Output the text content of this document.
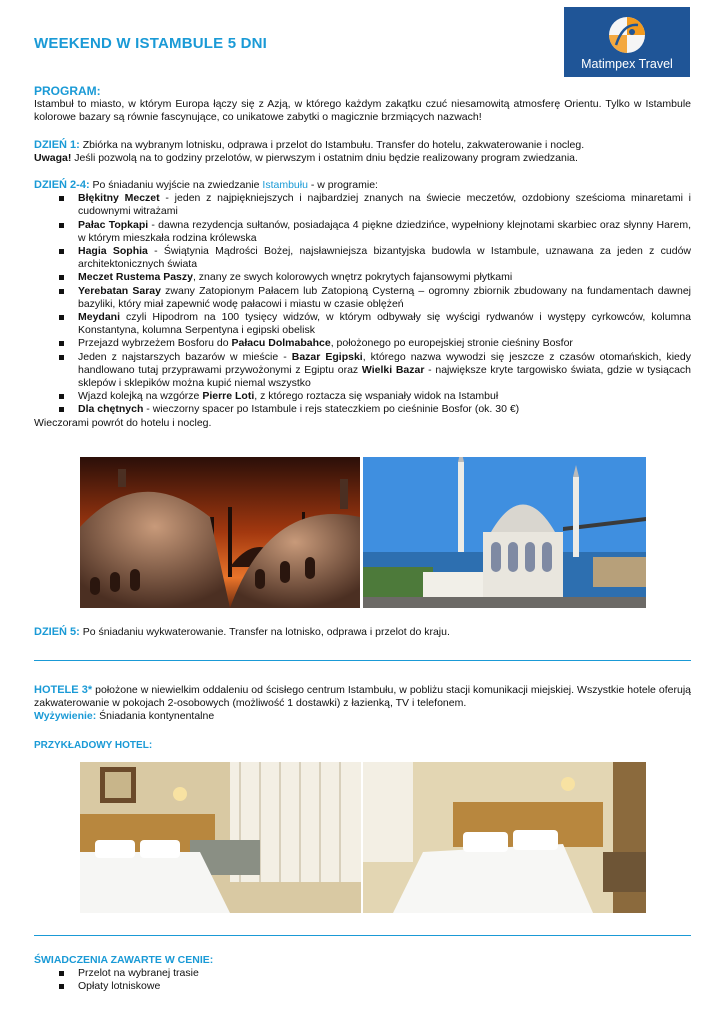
WEEKEND W ISTAMBULE 5 DNI
Matimpex Travel
PROGRAM:

Istambuł to miasto, w którym Europa łączy się z Azją, w którego każdym zakątku czuć niesamowitą atmosferę Orientu. Tylko w Istambule kolorowe bazary są równie fascynujące, co unikatowe zabytki o magicznie brzmiących nazwach!

DZIEŃ 1: Zbiórka na wybranym lotnisku, odprawa i przelot do Istambułu. Transfer do hotelu, zakwaterowanie i nocleg.

Uwaga! Jeśli pozwolą na to godziny przelotów, w pierwszym i ostatnim dniu będzie realizowany program zwiedzania.

DZIEŃ 2-4: Po śniadaniu wyjście na zwiedzanie Istambułu - w programie:

Błękitny Meczet - jeden z najpiękniejszych i najbardziej znanych na świecie meczetów, ozdobiony sześcioma minaretami i cudownymi witrażami
Pałac Topkapi - dawna rezydencja sułtanów, posiadająca 4 piękne dziedzińce, wypełniony klejnotami skarbiec oraz słynny Harem, w którym mieszkała rodzina królewska
Hagia Sophia - Świątynia Mądrości Bożej, najsławniejsza bizantyjska budowla w Istambule, uznawana za jeden z cudów architektonicznych świata
Meczet Rustema Paszy, znany ze swych kolorowych wnętrz pokrytych fajansowymi płytkami
Yerebatan Saray zwany Zatopionym Pałacem lub Zatopioną Cysterną – ogromny zbiornik zbudowany na fundamentach dawnej bazyliki, który miał zapewnić wodę pałacowi i miastu w czasie oblężeń
Meydani czyli Hipodrom na 100 tysięcy widzów, w którym odbywały się wyścigi rydwanów i występy cyrkowców, kolumna Konstantyna, kolumna Serpentyna i egipski obelisk
Przejazd wybrzeżem Bosforu do Pałacu Dolmabahce, położonego po europejskiej stronie cieśniny Bosfor
Jeden z najstarszych bazarów w mieście - Bazar Egipski, którego nazwa wywodzi się jeszcze z czasów otomańskich, kiedy handlowano tutaj przyprawami przywożonymi z Egiptu oraz Wielki Bazar - największe kryte targowisko świata, gdzie w tysiącach sklepów i sklepików można kupić niemal wszystko
Wjazd kolejką na wzgórze Pierre Loti, z którego roztacza się wspaniały widok na Istambuł
Dla chętnych - wieczorny spacer po Istambule i rejs stateczkiem po cieśninie Bosfor (ok. 30 €)

Wieczorami powrót do hotelu i nocleg.

DZIEŃ 5: Po śniadaniu wykwaterowanie. Transfer na lotnisko, odprawa i przelot do kraju.

HOTELE 3* położone w niewielkim oddaleniu od ścisłego centrum Istambułu, w pobliżu stacji komunikacji miejskiej. Wszystkie hotele oferują zakwaterowanie w pokojach 2-osobowych (możliwość 1 dostawki) z łazienką, TV i telefonem.

Wyżywienie: Śniadania kontynentalne

PRZYKŁADOWY HOTEL:

ŚWIADCZENIA ZAWARTE W CENIE:
Przelot na wybranej trasie
Opłaty lotniskowe
